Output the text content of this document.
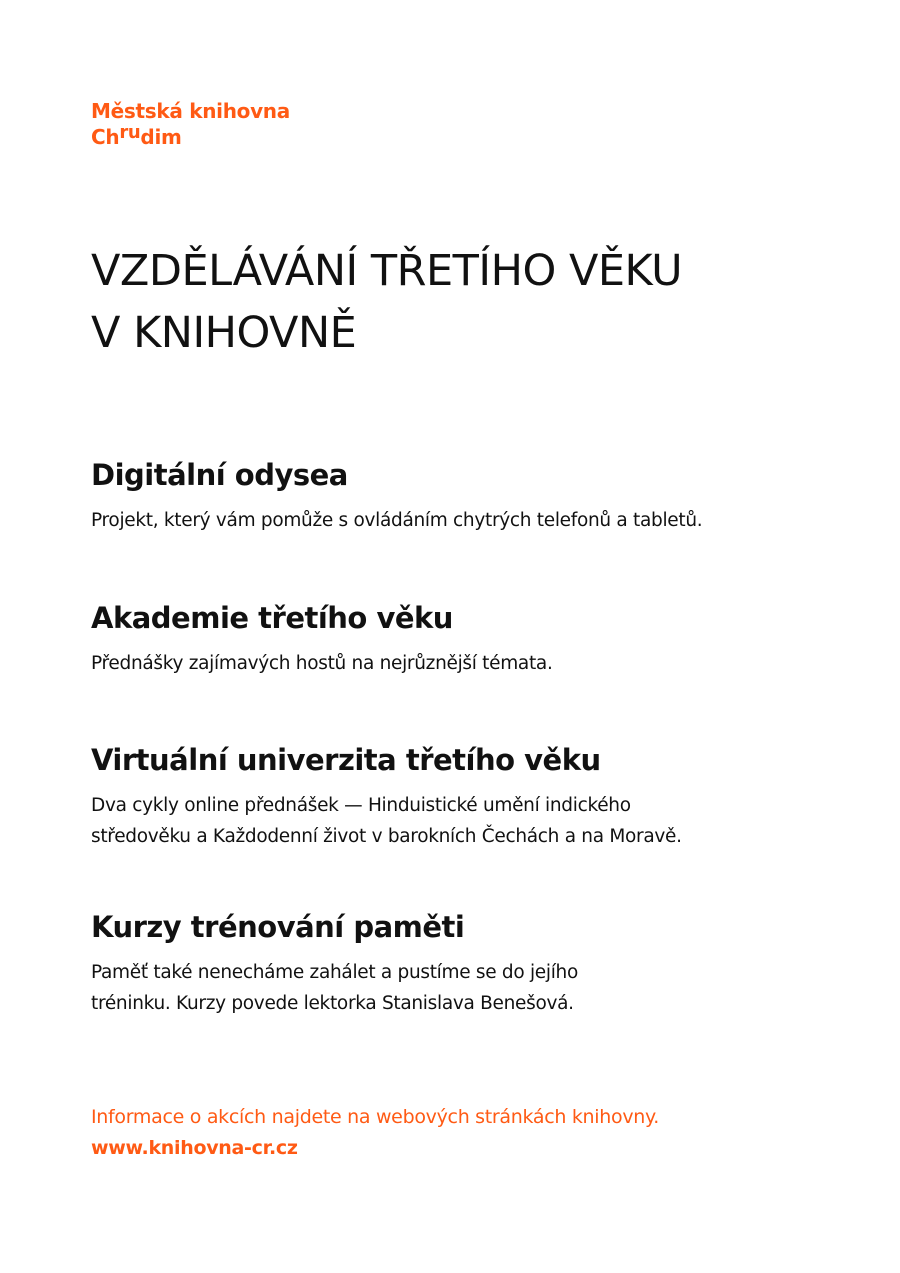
Městská knihovna
Chrudim
VZDĚLÁVÁNÍ TŘETÍHO VĚKU
V KNIHOVNĚ
Digitální odysea

Projekt, který vám pomůže s ovládáním chytrých telefonů a tabletů.

Akademie třetího věku

Přednášky zajímavých hostů na nejrůznější témata.

Virtuální univerzita třetího věku

Dva cykly online přednášek — Hinduistické umění indického
středověku a Každodenní život v barokních Čechách a na Moravě.

Kurzy trénování paměti

Paměť také nenecháme zahálet a pustíme se do jejího
tréninku. Kurzy povede lektorka Stanislava Benešová.

Informace o akcích najdete na webových stránkách knihovny.
www.knihovna-cr.cz
